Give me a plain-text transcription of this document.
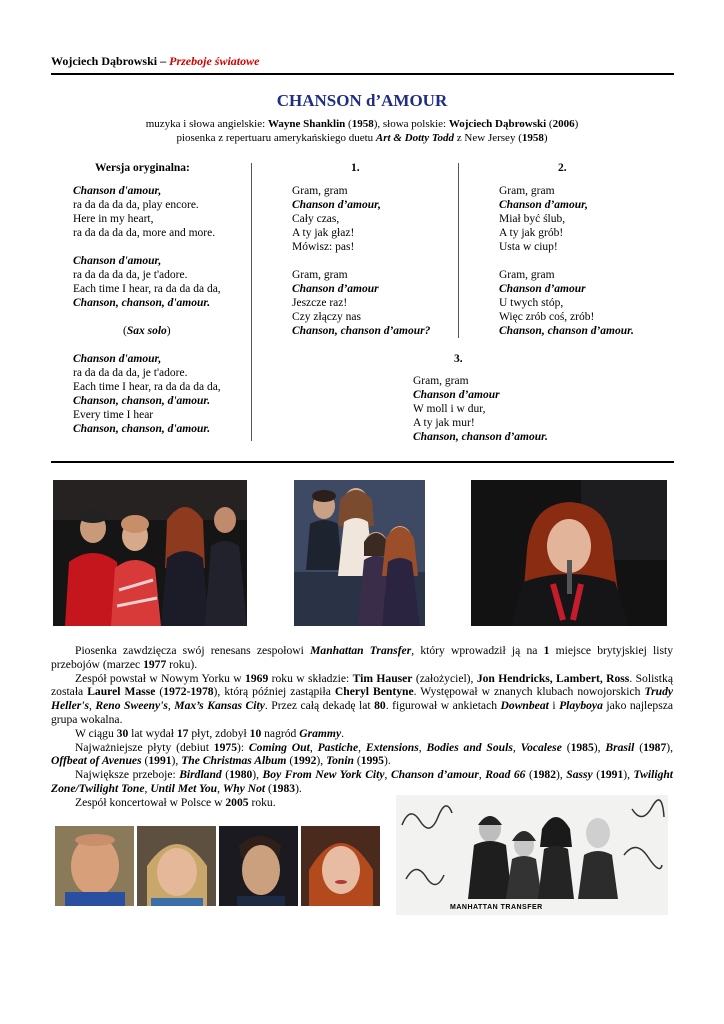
Wojciech Dąbrowski – Przeboje światowe
CHANSON d’AMOUR
muzyka i słowa angielskie: Wayne Shanklin (1958), słowa polskie: Wojciech Dąbrowski (2006)
piosenka z repertuaru amerykańskiego duetu Art & Dotty Todd z New Jersey (1958)
Wersja oryginalna:	1.	2.
Chanson d'amour,
ra da da da da, play encore.
Here in my heart,
ra da da da da, more and more.
Chanson d'amour,
ra da da da da, je t'adore.
Each time I hear, ra da da da da,
Chanson, chanson, d'amour.
(Sax solo)
Chanson d'amour,
ra da da da da, je t'adore.
Each time I hear, ra da da da da,
Chanson, chanson, d'amour.
Every time I hear
Chanson, chanson, d'amour.
Gram, gram
Chanson d’amour,
Cały czas,
A ty jak głaz!
Mówisz: pas!
Gram, gram
Chanson d’amour
Jeszcze raz!
Czy złączy nas
Chanson, chanson d’amour?
Gram, gram
Chanson d’amour,
Miał być ślub,
A ty jak grób!
Usta w ciup!
Gram, gram
Chanson d’amour
U twych stóp,
Więc zrób coś, zrób!
Chanson, chanson d’amour.
3.
Gram, gram
Chanson d’amour
W moll i w dur,
A ty jak mur!
Chanson, chanson d’amour.

Piosenka zawdzięcza swój renesans zespołowi Manhattan Transfer, który wprowadził ją na 1 miejsce brytyjskiej listy przebojów (marzec 1977 roku).

Zespół powstał w Nowym Yorku w 1969 roku w składzie: Tim Hauser (założyciel), Jon Hendricks, Lambert, Ross. Solistką została Laurel Masse (1972-1978), którą później zastąpiła Cheryl Bentyne. Występował w znanych klubach nowojorskich Trudy Heller's, Reno Sweeny's, Max’s Kansas City. Przez całą dekadę lat 80. figurował w ankietach Downbeat i Playboya jako najlepsza grupa wokalna.

W ciągu 30 lat wydał 17 płyt, zdobył 10 nagród Grammy.

Najważniejsze płyty (debiut 1975): Coming Out, Pastiche, Extensions, Bodies and Souls, Vocalese (1985), Brasil (1987), Offbeat of Avenues (1991), The Christmas Album (1992), Tonin (1995).

Największe przeboje: Birdland (1980), Boy From New York City, Chanson d’amour, Road 66 (1982), Sassy (1991), Twilight Zone/Twilight Tone, Until Met You, Why Not (1983).

Zespół koncertował w Polsce w 2005 roku.

MANHATTAN TRANSFER
